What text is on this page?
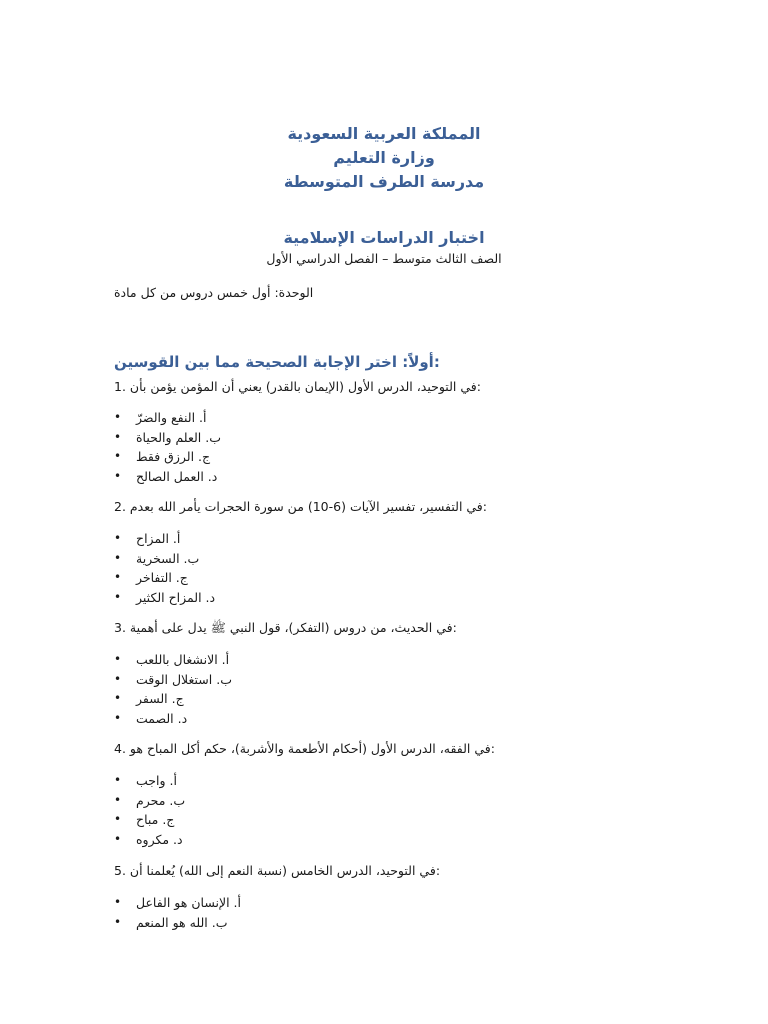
المملكة العربية السعودية
وزارة التعليم
مدرسة الطرف المتوسطة
اختبار الدراسات الإسلامية
الصف الثالث متوسط – الفصل الدراسي الأول
الوحدة: أول خمس دروس من كل مادة
أولاً: اختر الإجابة الصحيحة مما بين القوسين:
1. في التوحيد، الدرس الأول (الإيمان بالقدر) يعني أن المؤمن يؤمن بأن:
• أ. النفع والضرّ
• ب. العلم والحياة
• ج. الرزق فقط
• د. العمل الصالح
2. في التفسير، تفسير الآيات (6-10) من سورة الحجرات يأمر الله بعدم:
• أ. المزاح
• ب. السخرية
• ج. التفاخر
• د. المزاح الكثير
3. في الحديث، من دروس (التفكر)، قول النبي ﷺ يدل على أهمية:
• أ. الانشغال باللعب
• ب. استغلال الوقت
• ج. السفر
• د. الصمت
4. في الفقه، الدرس الأول (أحكام الأطعمة والأشربة)، حكم أكل المباح هو:
• أ. واجب
• ب. محرم
• ج. مباح
• د. مكروه
5. في التوحيد، الدرس الخامس (نسبة النعم إلى الله) يُعلمنا أن:
• أ. الإنسان هو الفاعل
• ب. الله هو المنعم
